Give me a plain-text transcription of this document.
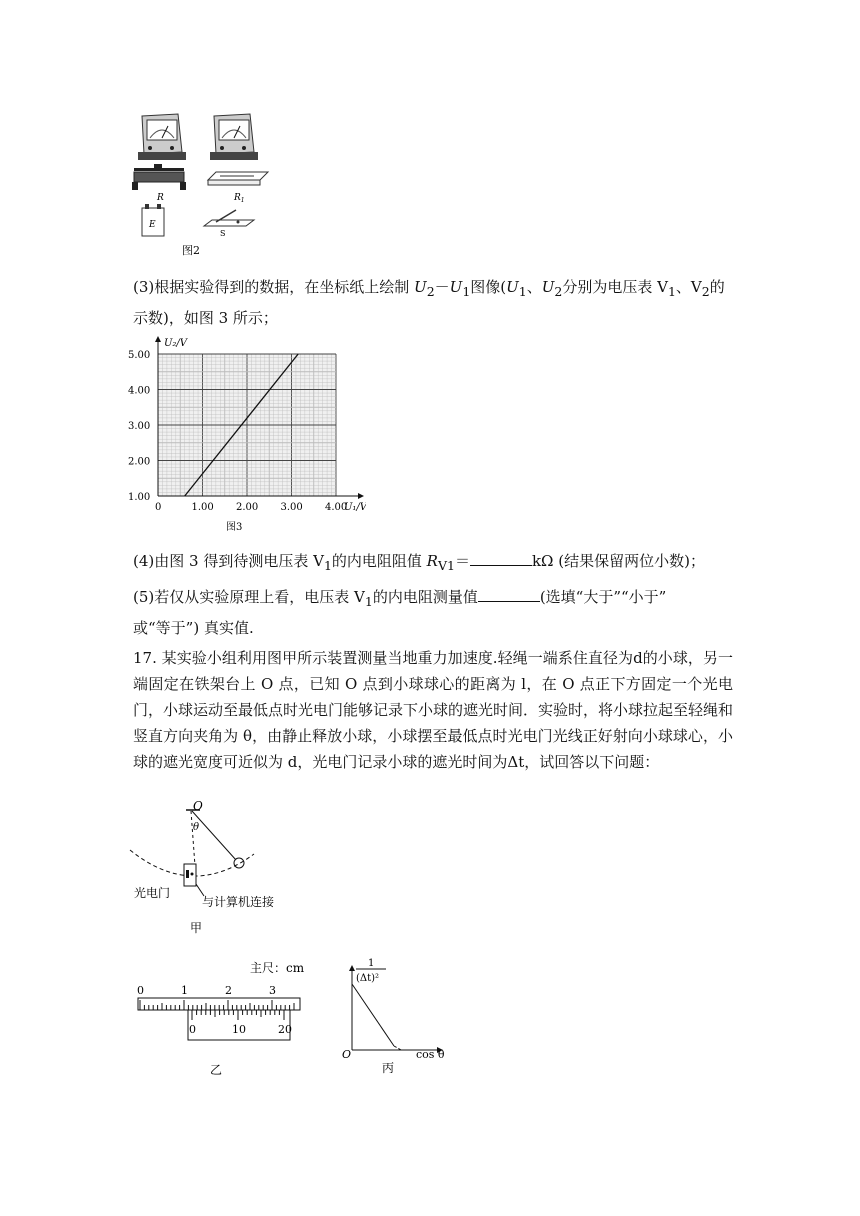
R	$R_1$
E
S
图2
(3)根据实验得到的数据，在坐标纸上绘制 $U_2-U_1$图像($U_1$、$U_2$分别为电压表 $V_1$、$V_2$的示数)，如图 3 所示；
0	1.00 2.00 3.00 4.00
1.00
2.00
3.00
4.00
5.00
U₁/V
U₂/V
图3
(4)由图 3 得到待测电压表 $V_1$的内电阻阻值 $R_{V1}=$	kΩ (结果保留两位小数)；
(5)若仅从实验原理上看，电压表 $V_1$的内电阻测量值	(选填“大于”“小于”
或“等于”) 真实值.
17. 某实验小组利用图甲所示装置测量当地重力加速度.轻绳一端系住直径为d的小球，另一端固定在铁架台上 O 点，已知 O 点到小球球心的距离为 l，在 O 点正下方固定一个光电门，小球运动至最低点时光电门能够记录下小球的遮光时间．实验时，将小球拉起至轻绳和竖直方向夹角为 θ，由静止释放小球，小球摆至最低点时光电门光线正好射向小球球心，小球的遮光宽度可近似为 d，光电门记录小球的遮光时间为Δt，试回答以下问题：
O
θ
光电门
与计算机连接
甲
主尺：cm
乙
0	1	2	3
0	10	20
1
(Δt)²
O	cos θ
丙
